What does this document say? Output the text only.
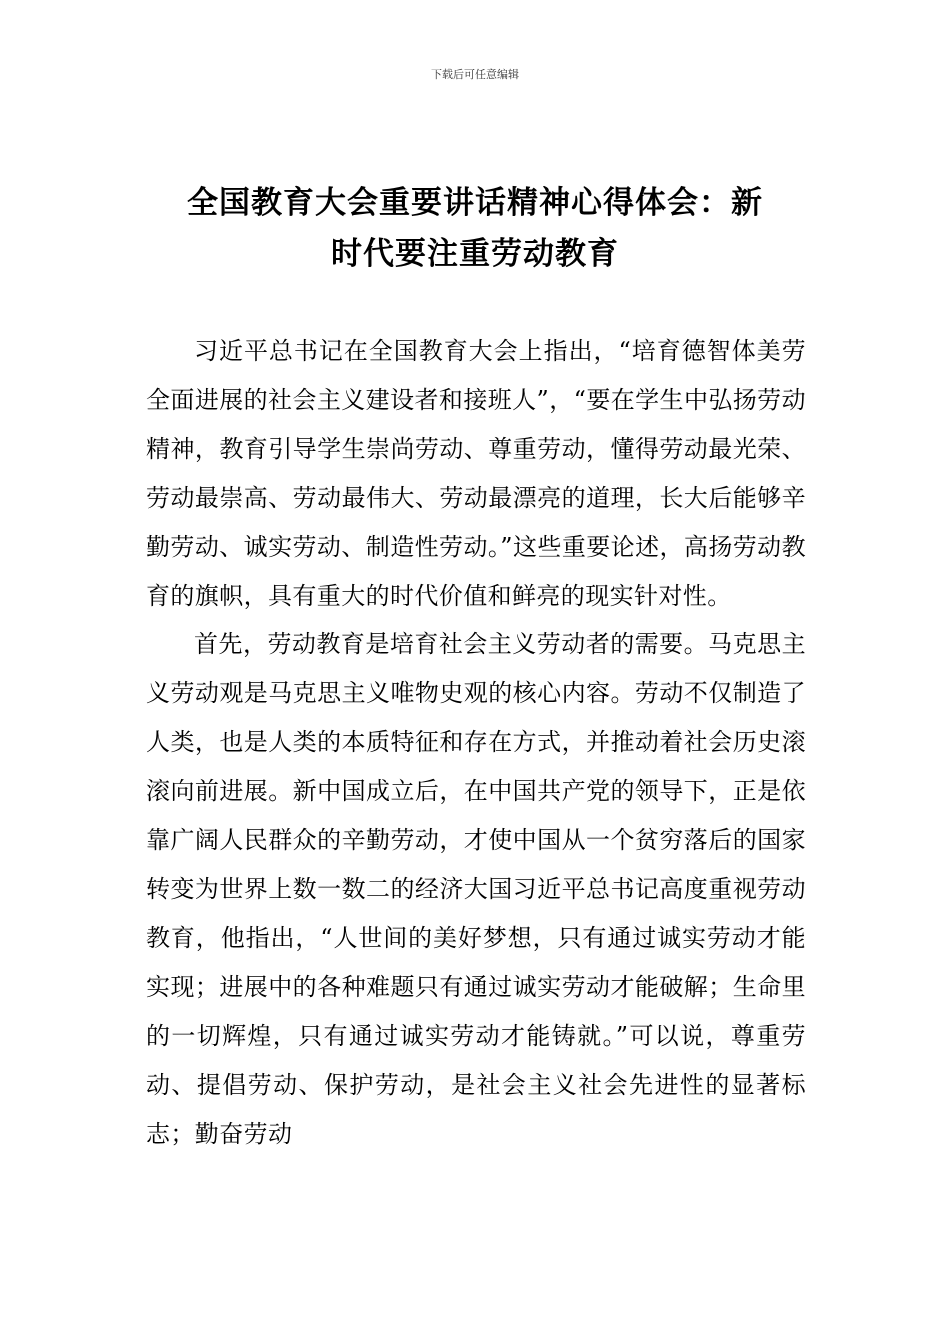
下载后可任意编辑
全国教育大会重要讲话精神心得体会：新
时代要注重劳动教育

习近平总书记在全国教育大会上指出，“培育德智体美劳全面进展的社会主义建设者和接班人”，“要在学生中弘扬劳动精神，教育引导学生崇尚劳动、尊重劳动，懂得劳动最光荣、劳动最崇高、劳动最伟大、劳动最漂亮的道理，长大后能够辛勤劳动、诚实劳动、制造性劳动。”这些重要论述，高扬劳动教育的旗帜，具有重大的时代价值和鲜亮的现实针对性。

首先，劳动教育是培育社会主义劳动者的需要。马克思主义劳动观是马克思主义唯物史观的核心内容。劳动不仅制造了人类，也是人类的本质特征和存在方式，并推动着社会历史滚滚向前进展。新中国成立后，在中国共产党的领导下，正是依靠广阔人民群众的辛勤劳动，才使中国从一个贫穷落后的国家转变为世界上数一数二的经济大国习近平总书记高度重视劳动教育，他指出，“人世间的美好梦想，只有通过诚实劳动才能实现；进展中的各种难题只有通过诚实劳动才能破解；生命里的一切辉煌，只有通过诚实劳动才能铸就。”可以说，尊重劳动、提倡劳动、保护劳动，是社会主义社会先进性的显著标志；勤奋劳动
